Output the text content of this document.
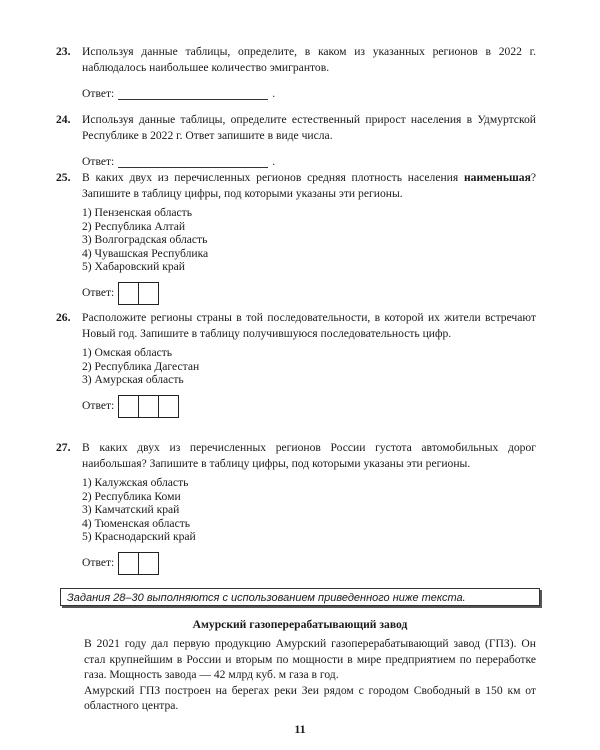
23. Используя данные таблицы, определите, в каком из указанных регионов в 2022 г. наблюдалось наибольшее количество эмигрантов.
Ответ:	.
24. Используя данные таблицы, определите естественный прирост населения в Удмуртской Республике в 2022 г. Ответ запишите в виде числа.
Ответ:	.
25. В каких двух из перечисленных регионов средняя плотность населения наименьшая? Запишите в таблицу цифры, под которыми указаны эти регионы.
1) Пензенская область
2) Республика Алтай
3) Волгоградская область
4) Чувашская Республика
5) Хабаровский край
Ответ:
26. Расположите регионы страны в той последовательности, в которой их жители встречают Новый год. Запишите в таблицу получившуюся последовательность цифр.
1) Омская область
2) Республика Дагестан
3) Амурская область
Ответ:
27. В каких двух из перечисленных регионов России густота автомобильных дорог наибольшая? Запишите в таблицу цифры, под которыми указаны эти регионы.
1) Калужская область
2) Республика Коми
3) Камчатский край
4) Тюменская область
5) Краснодарский край
Ответ:
Задания 28–30 выполняются с использованием приведенного ниже текста.
Амурский газоперерабатывающий завод

В 2021 году дал первую продукцию Амурский газоперерабатывающий завод (ГПЗ). Он стал крупнейшим в России и вторым по мощности в мире предприятием по переработке газа. Мощность завода — 42 млрд куб. м газа в год.

Амурский ГПЗ построен на берегах реки Зеи рядом с городом Свободный в 150 км от областного центра.

11
